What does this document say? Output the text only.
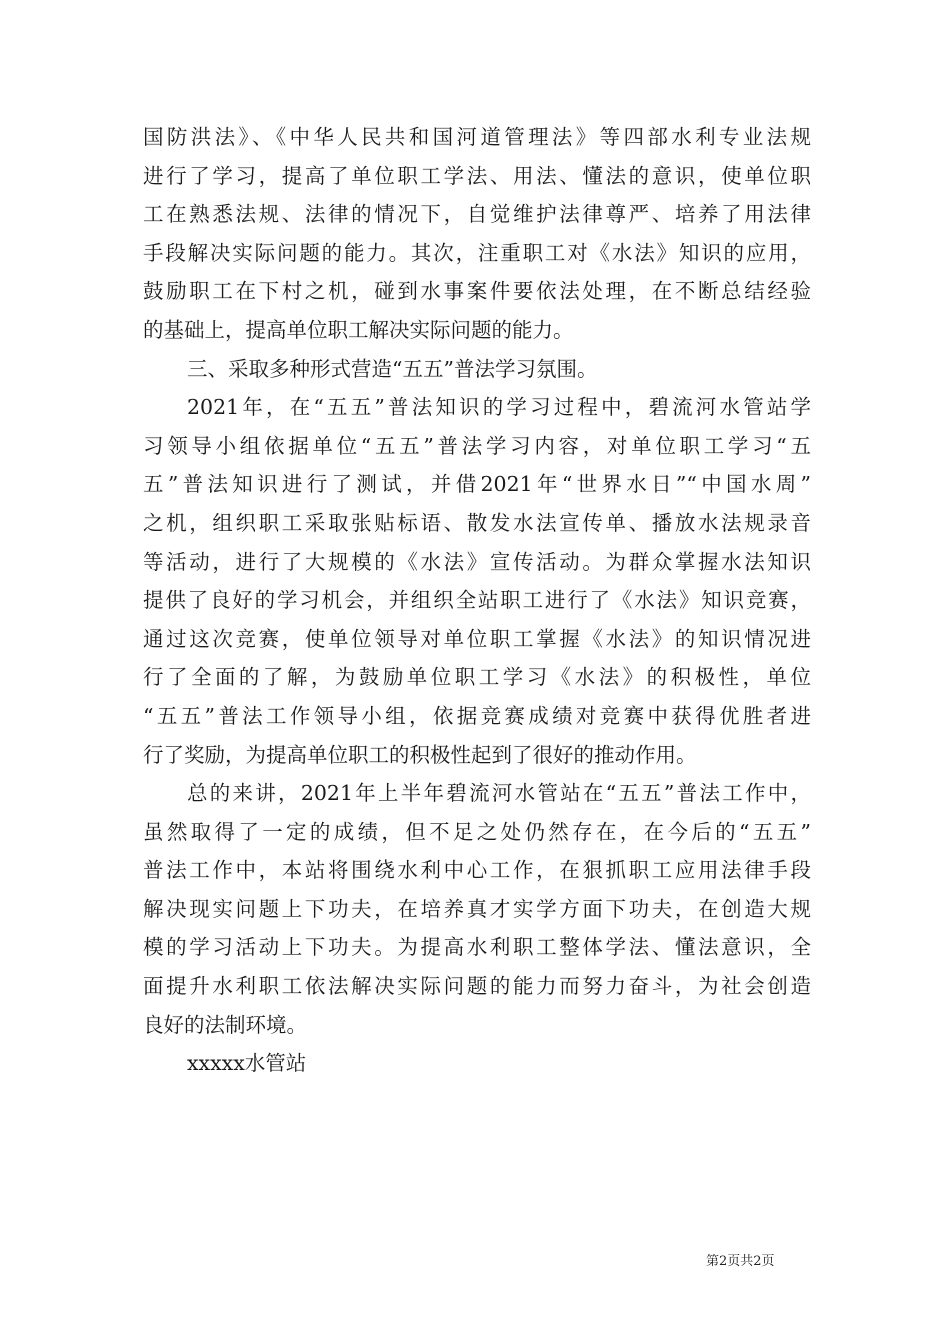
国防洪法》、《中华人民共和国河道管理法》等四部水利专业法规
进行了学习，提高了单位职工学法、用法、懂法的意识，使单位职
工在熟悉法规、法律的情况下，自觉维护法律尊严、培养了用法律
手段解决实际问题的能力。其次，注重职工对《水法》知识的应用，
鼓励职工在下村之机，碰到水事案件要依法处理，在不断总结经验
的基础上，提高单位职工解决实际问题的能力。
三、采取多种形式营造“五五”普法学习氛围。
2021年，在“五五”普法知识的学习过程中，碧流河水管站学
习领导小组依据单位“五五”普法学习内容，对单位职工学习“五
五”普法知识进行了测试，并借2021年“世界水日”“中国水周”
之机，组织职工采取张贴标语、散发水法宣传单、播放水法规录音
等活动，进行了大规模的《水法》宣传活动。为群众掌握水法知识
提供了良好的学习机会，并组织全站职工进行了《水法》知识竞赛，
通过这次竞赛，使单位领导对单位职工掌握《水法》的知识情况进
行了全面的了解，为鼓励单位职工学习《水法》的积极性，单位
“五五”普法工作领导小组，依据竞赛成绩对竞赛中获得优胜者进
行了奖励，为提高单位职工的积极性起到了很好的推动作用。
总的来讲，2021年上半年碧流河水管站在“五五”普法工作中，
虽然取得了一定的成绩，但不足之处仍然存在，在今后的“五五”
普法工作中，本站将围绕水利中心工作，在狠抓职工应用法律手段
解决现实问题上下功夫，在培养真才实学方面下功夫，在创造大规
模的学习活动上下功夫。为提高水利职工整体学法、懂法意识，全
面提升水利职工依法解决实际问题的能力而努力奋斗，为社会创造
良好的法制环境。
xxxxx水管站
第2页共2页
